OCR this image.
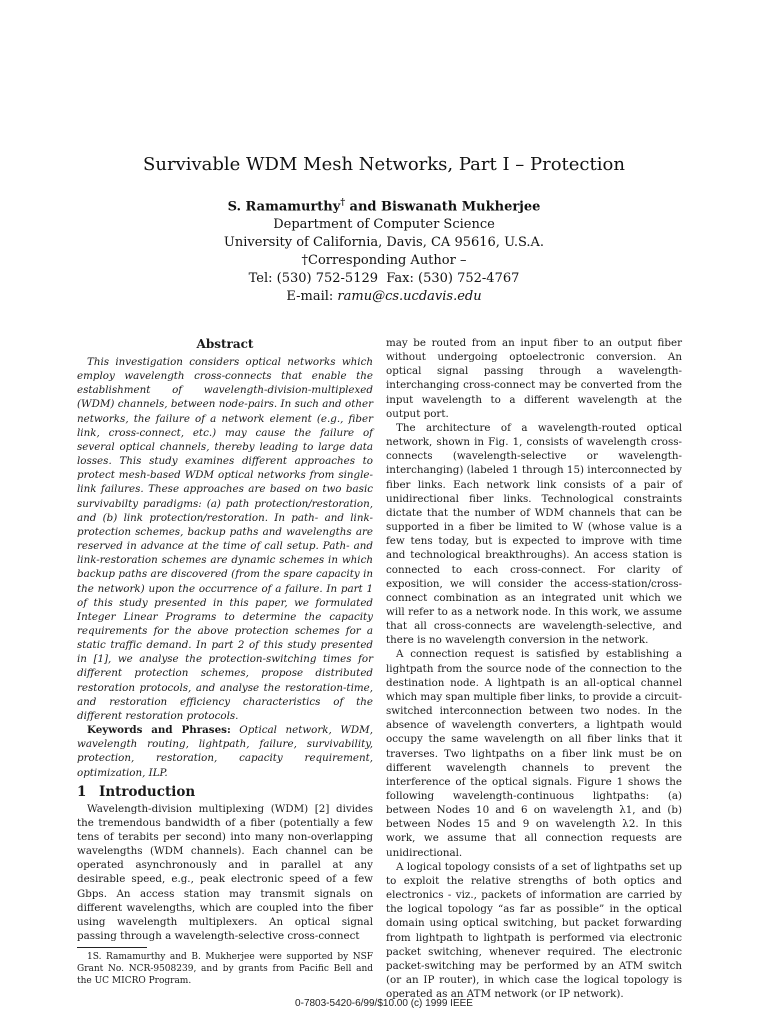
Survivable WDM Mesh Networks, Part I – Protection
S. Ramamurthy† and Biswanath Mukherjee
Department of Computer Science
University of California, Davis, CA 95616, U.S.A.
†Corresponding Author –
Tel: (530) 752-5129  Fax: (530) 752-4767
E-mail: ramu@cs.ucdavis.edu
Abstract

This investigation considers optical networks which employ wavelength cross-connects that enable the establishment of wavelength-division-multiplexed (WDM) channels, between node-pairs. In such and other networks, the failure of a network element (e.g., fiber link, cross-connect, etc.) may cause the failure of several optical channels, thereby leading to large data losses. This study examines different approaches to protect mesh-based WDM optical networks from single-link failures. These approaches are based on two basic survivabilty paradigms: (a) path protection/restoration, and (b) link protection/restoration. In path- and link- protection schemes, backup paths and wavelengths are reserved in advance at the time of call setup. Path- and link-restoration schemes are dynamic schemes in which backup paths are discovered (from the spare capacity in the network) upon the occurrence of a failure. In part 1 of this study presented in this paper, we formulated Integer Linear Programs to determine the capacity requirements for the above protection schemes for a static traffic demand. In part 2 of this study presented in [1], we analyse the protection-switching times for different protection schemes, propose distributed restoration protocols, and analyse the restoration-time, and restoration efficiency characteristics of the different restoration protocols.

Keywords and Phrases: Optical network, WDM, wavelength routing, lightpath, failure, survivability, protection, restoration, capacity requirement, optimization, ILP.

1 Introduction

Wavelength-division multiplexing (WDM) [2] divides the tremendous bandwidth of a fiber (potentially a few tens of terabits per second) into many non-overlapping wavelengths (WDM channels). Each channel can be operated asynchronously and in parallel at any desirable speed, e.g., peak electronic speed of a few Gbps. An access station may transmit signals on different wavelengths, which are coupled into the fiber using wavelength multiplexers. An optical signal passing through a wavelength-selective cross-connect

1S. Ramamurthy and B. Mukherjee were supported by NSF Grant No. NCR-9508239, and by grants from Pacific Bell and the UC MICRO Program.

may be routed from an input fiber to an output fiber without undergoing optoelectronic conversion. An optical signal passing through a wavelength-interchanging cross-connect may be converted from the input wavelength to a different wavelength at the output port.

The architecture of a wavelength-routed optical network, shown in Fig. 1, consists of wavelength cross-connects (wavelength-selective or wavelength-interchanging) (labeled 1 through 15) interconnected by fiber links. Each network link consists of a pair of unidirectional fiber links. Technological constraints dictate that the number of WDM channels that can be supported in a fiber be limited to W (whose value is a few tens today, but is expected to improve with time and technological breakthroughs). An access station is connected to each cross-connect. For clarity of exposition, we will consider the access-station/cross-connect combination as an integrated unit which we will refer to as a network node. In this work, we assume that all cross-connects are wavelength-selective, and there is no wavelength conversion in the network.

A connection request is satisfied by establishing a lightpath from the source node of the connection to the destination node. A lightpath is an all-optical channel which may span multiple fiber links, to provide a circuit-switched interconnection between two nodes. In the absence of wavelength converters, a lightpath would occupy the same wavelength on all fiber links that it traverses. Two lightpaths on a fiber link must be on different wavelength channels to prevent the interference of the optical signals. Figure 1 shows the following wavelength-continuous lightpaths: (a) between Nodes 10 and 6 on wavelength λ1, and (b) between Nodes 15 and 9 on wavelength λ2. In this work, we assume that all connection requests are unidirectional.

A logical topology consists of a set of lightpaths set up to exploit the relative strengths of both optics and electronics - viz., packets of information are carried by the logical topology “as far as possible” in the optical domain using optical switching, but packet forwarding from lightpath to lightpath is performed via electronic packet switching, whenever required. The electronic packet-switching may be performed by an ATM switch (or an IP router), in which case the logical topology is operated as an ATM network (or IP network).

0-7803-5420-6/99/$10.00 (c) 1999 IEEE
